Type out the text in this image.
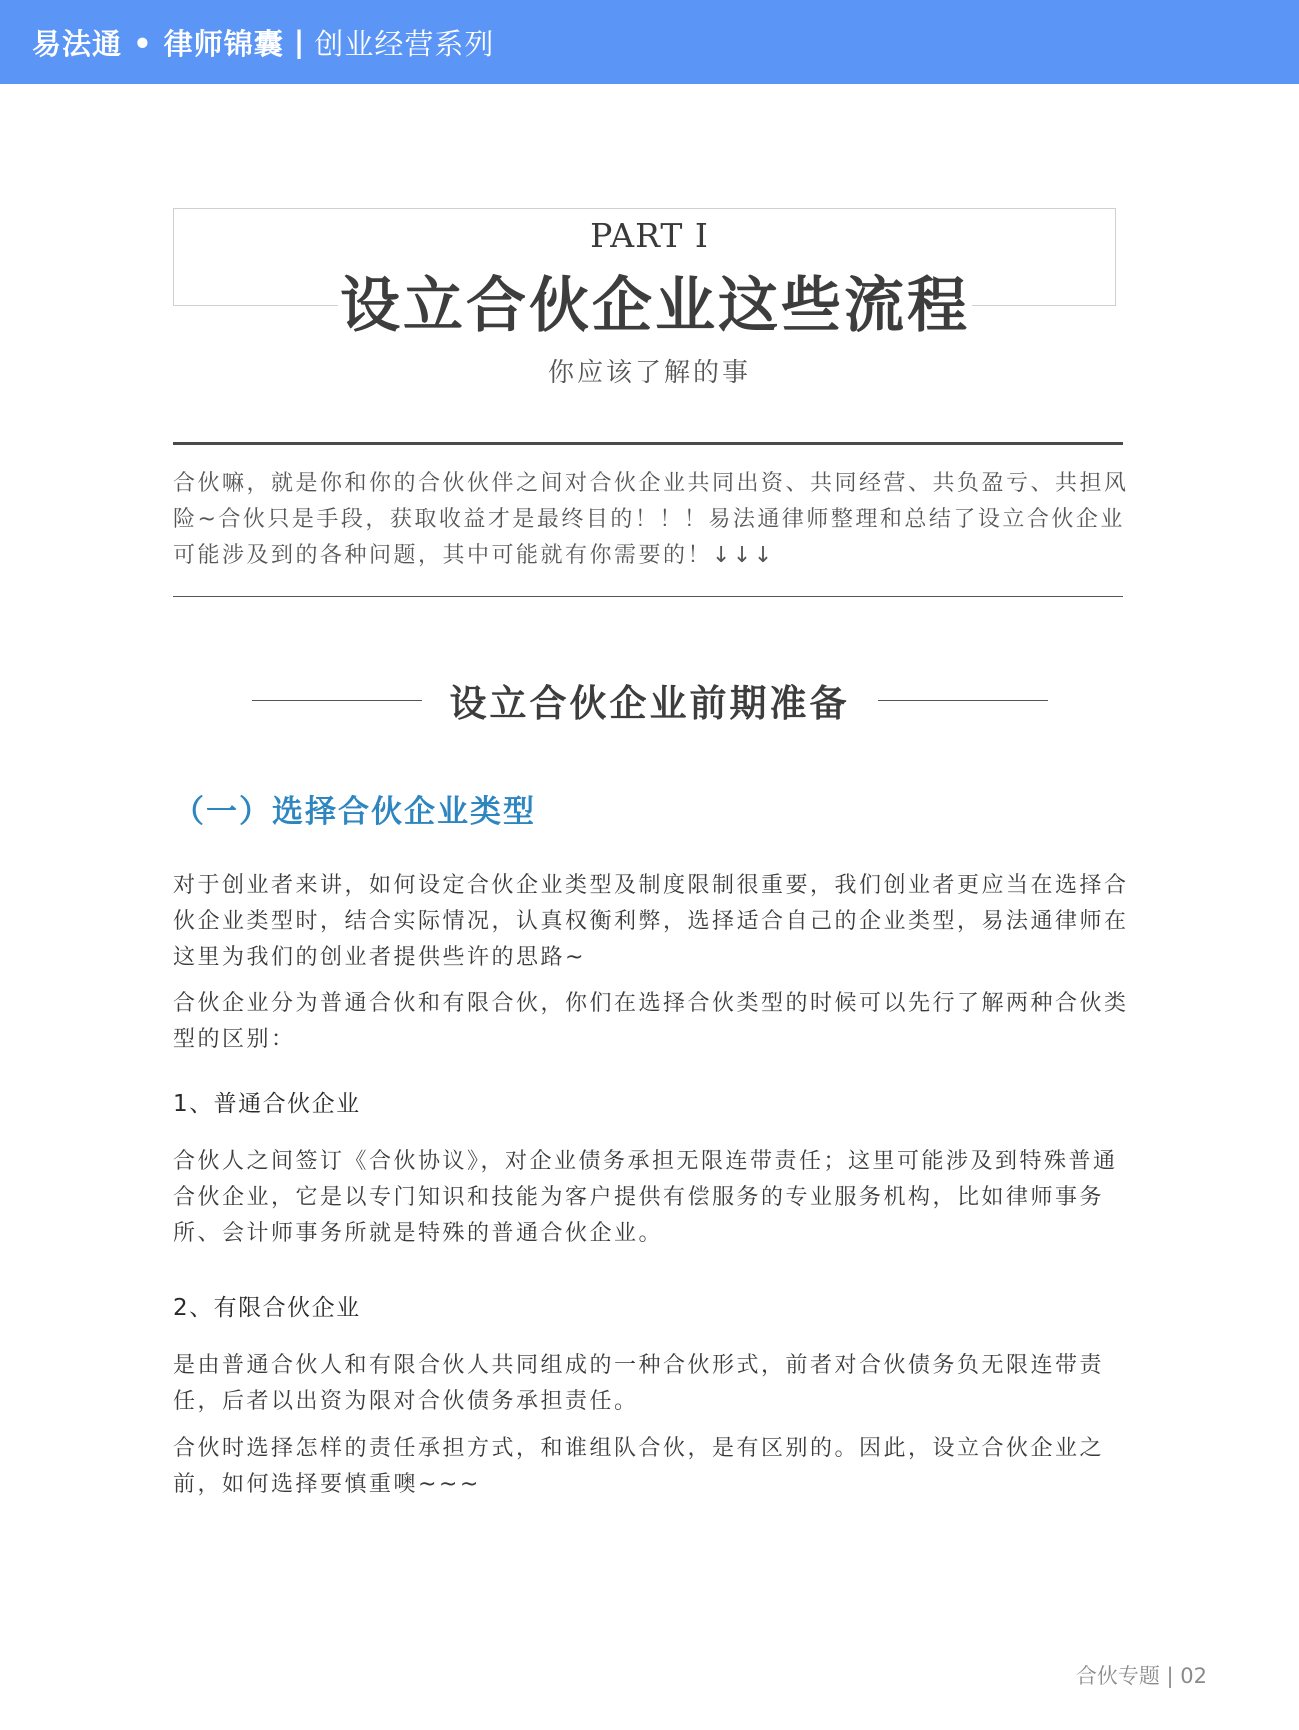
易法通 • 律师锦囊 | 创业经营系列
PART Ⅰ
设立合伙企业这些流程
你应该了解的事
合伙嘛，就是你和你的合伙伙伴之间对合伙企业共同出资、共同经营、共负盈亏、共担风险~合伙只是手段，获取收益才是最终目的！！！易法通律师整理和总结了设立合伙企业可能涉及到的各种问题，其中可能就有你需要的！↓↓↓
设立合伙企业前期准备
（一）选择合伙企业类型
对于创业者来讲，如何设定合伙企业类型及制度限制很重要，我们创业者更应当在选择合伙企业类型时，结合实际情况，认真权衡利弊，选择适合自己的企业类型，易法通律师在这里为我们的创业者提供些许的思路~
合伙企业分为普通合伙和有限合伙，你们在选择合伙类型的时候可以先行了解两种合伙类型的区别：
1、普通合伙企业
合伙人之间签订《合伙协议》，对企业债务承担无限连带责任；这里可能涉及到特殊普通合伙企业，它是以专门知识和技能为客户提供有偿服务的专业服务机构，比如律师事务所、会计师事务所就是特殊的普通合伙企业。
2、有限合伙企业
是由普通合伙人和有限合伙人共同组成的一种合伙形式，前者对合伙债务负无限连带责任，后者以出资为限对合伙债务承担责任。
合伙时选择怎样的责任承担方式，和谁组队合伙，是有区别的。因此，设立合伙企业之前，如何选择要慎重噢~~~
合伙专题 | 02
